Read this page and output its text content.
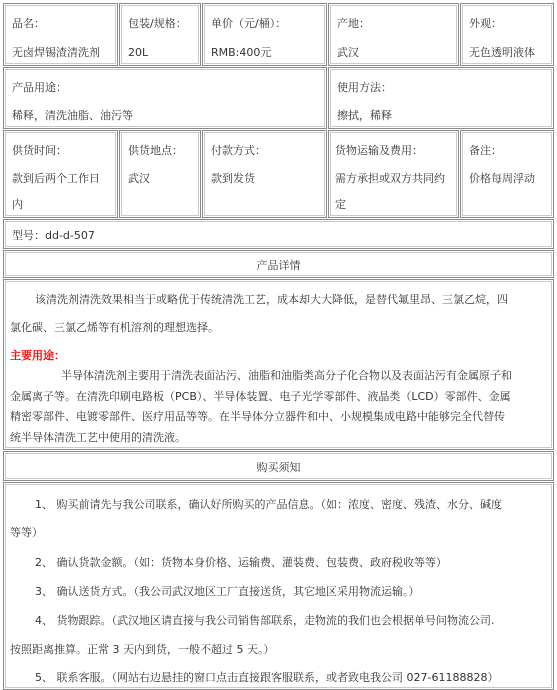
品名：
无卤焊锡渣清洗剂
包装/规格：
20L
单价（元/桶）：
RMB:400元
产地：
武汉
外观：
无色透明液体
产品用途：
稀释，清洗油脂、油污等
使用方法：
擦拭，稀释
供货时间：
款到后两个工作日
内
供货地点：
武汉
付款方式：
款到发货
货物运输及费用：
需方承担或双方共同约
定
备注：
价格每周浮动
型号：dd-d-507
产品详情
该清洗剂清洗效果相当于或略优于传统清洗工艺，成本却大大降低，是替代氟里昂、三氯乙烷，四
氯化碳、三氯乙烯等有机溶剂的理想选择。
主要用途：
半导体清洗剂主要用于清洗表面沾污、油脂和油脂类高分子化合物以及表面沾污有金属原子和
金属离子等。在清洗印刷电路板（PCB）、半导体装置、电子光学零部件、液晶类（LCD）零部件、金属
精密零部件、电镀零部件、医疗用品等等。在半导体分立器件和中、小规模集成电路中能够完全代替传
统半导体清洗工艺中使用的清洗液。
购买须知
1、 购买前请先与我公司联系，确认好所购买的产品信息。（如：浓度、密度、残渣、水分、碱度
等等）
2、 确认货款金额。（如：货物本身价格、运输费、灌装费、包装费、政府税收等等）
3、 确认送货方式。（我公司武汉地区工厂直接送货，其它地区采用物流运输。）
4、 货物跟踪。（武汉地区请直接与我公司销售部联系，走物流的我们也会根据单号问物流公司.
按照距离推算。正常 3 天内到货，一般不超过 5 天。）
5、 联系客服。（网站右边悬挂的窗口点击直接跟客服联系，或者致电我公司 027-61188828）
